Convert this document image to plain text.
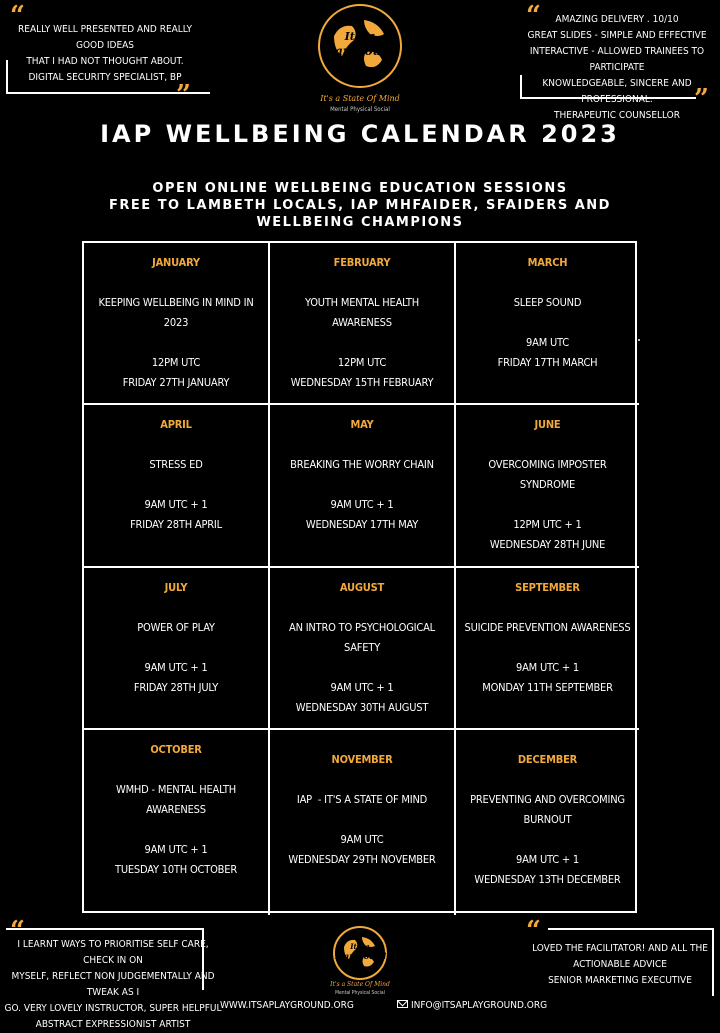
“
REALLY WELL PRESENTED AND REALLY GOOD IDEAS
THAT I HAD NOT THOUGHT ABOUT.
DIGITAL SECURITY SPECIALIST, BP
”
“	AMAZING DELIVERY . 10/10
GREAT SLIDES - SIMPLE AND EFFECTIVE
INTERACTIVE - ALLOWED TRAINEES TO PARTICIPATE
KNOWLEDGEABLE, SINCERE AND PROFESSIONAL.
THERAPEUTIC COUNSELLOR
”
It's a
Playground
It's a State Of Mind
Mental Physical Social
IAP WELLBEING CALENDAR 2023
OPEN ONLINE WELLBEING EDUCATION SESSIONS
FREE TO LAMBETH LOCALS, IAP MHFAIDER, SFAIDERS AND
WELLBEING CHAMPIONS
JANUARY
KEEPING WELLBEING IN MIND IN 2023
12PM UTC
FRIDAY 27TH JANUARY
FEBRUARY
YOUTH MENTAL HEALTH AWARENESS
12PM UTC
WEDNESDAY 15TH FEBRUARY
MARCH
SLEEP SOUND
9AM UTC
FRIDAY 17TH MARCH
APRIL
STRESS ED
9AM UTC + 1
FRIDAY 28TH APRIL
MAY
BREAKING THE WORRY CHAIN
9AM UTC + 1
WEDNESDAY 17TH MAY
JUNE
OVERCOMING IMPOSTER SYNDROME
12PM UTC + 1
WEDNESDAY 28TH JUNE
JULY
POWER OF PLAY
9AM UTC + 1
FRIDAY 28TH JULY
AUGUST
AN INTRO TO PSYCHOLOGICAL SAFETY
9AM UTC + 1
WEDNESDAY 30TH AUGUST
SEPTEMBER
SUICIDE PREVENTION AWARENESS
9AM UTC + 1
MONDAY 11TH SEPTEMBER
OCTOBER
WMHD - MENTAL HEALTH
AWARENESS
9AM UTC + 1
TUESDAY 10TH OCTOBER
NOVEMBER
IAP  - IT'S A STATE OF MIND
9AM UTC
WEDNESDAY 29TH NOVEMBER
DECEMBER
PREVENTING AND OVERCOMING
BURNOUT
9AM UTC + 1
WEDNESDAY 13TH DECEMBER
“
I LEARNT WAYS TO PRIORITISE SELF CARE, CHECK IN ON
MYSELF, REFLECT NON JUDGEMENTALLY AND TWEAK AS I
GO. VERY LOVELY INSTRUCTOR, SUPER HELPFUL
ABSTRACT EXPRESSIONIST ARTIST
“
LOVED THE FACILITATOR! AND ALL THE
ACTIONABLE ADVICE
SENIOR MARKETING EXECUTIVE
It's a
Playground
It's a State Of Mind
Mental Physical Social
WWW.ITSAPLAYGROUND.ORG	INFO@ITSAPLAYGROUND.ORG
